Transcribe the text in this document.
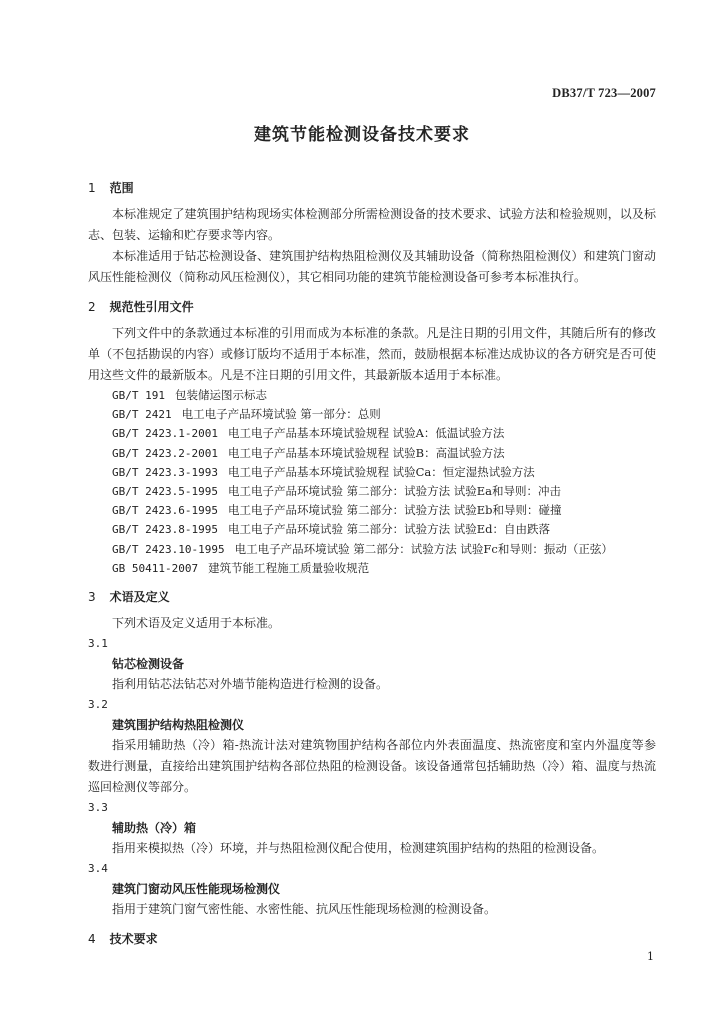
DB37/T 723—2007
建筑节能检测设备技术要求

1 范围

本标准规定了建筑围护结构现场实体检测部分所需检测设备的技术要求、试验方法和检验规则，以及标志、包装、运输和贮存要求等内容。

本标准适用于钻芯检测设备、建筑围护结构热阻检测仪及其辅助设备（简称热阻检测仪）和建筑门窗动风压性能检测仪（简称动风压检测仪），其它相同功能的建筑节能检测设备可参考本标准执行。

2 规范性引用文件

下列文件中的条款通过本标准的引用而成为本标准的条款。凡是注日期的引用文件，其随后所有的修改单（不包括勘误的内容）或修订版均不适用于本标准，然而，鼓励根据本标准达成协议的各方研究是否可使用这些文件的最新版本。凡是不注日期的引用文件，其最新版本适用于本标准。

GB/T 191 包装储运图示标志

GB/T 2421 电工电子产品环境试验 第一部分：总则

GB/T 2423.1-2001 电工电子产品基本环境试验规程 试验A：低温试验方法

GB/T 2423.2-2001 电工电子产品基本环境试验规程 试验B：高温试验方法

GB/T 2423.3-1993 电工电子产品基本环境试验规程 试验Ca：恒定湿热试验方法

GB/T 2423.5-1995 电工电子产品环境试验 第二部分：试验方法 试验Ea和导则：冲击

GB/T 2423.6-1995 电工电子产品环境试验 第二部分：试验方法 试验Eb和导则：碰撞

GB/T 2423.8-1995 电工电子产品环境试验 第二部分：试验方法 试验Ed：自由跌落

GB/T 2423.10-1995 电工电子产品环境试验 第二部分：试验方法 试验Fc和导则：振动（正弦）

GB 50411-2007 建筑节能工程施工质量验收规范

3 术语及定义

下列术语及定义适用于本标准。

3.1

钻芯检测设备

指利用钻芯法钻芯对外墙节能构造进行检测的设备。

3.2

建筑围护结构热阻检测仪

指采用辅助热（冷）箱-热流计法对建筑物围护结构各部位内外表面温度、热流密度和室内外温度等参数进行测量，直接给出建筑围护结构各部位热阻的检测设备。该设备通常包括辅助热（冷）箱、温度与热流巡回检测仪等部分。

3.3

辅助热（冷）箱

指用来模拟热（冷）环境，并与热阻检测仪配合使用，检测建筑围护结构的热阻的检测设备。

3.4

建筑门窗动风压性能现场检测仪

指用于建筑门窗气密性能、水密性能、抗风压性能现场检测的检测设备。

4 技术要求

1
